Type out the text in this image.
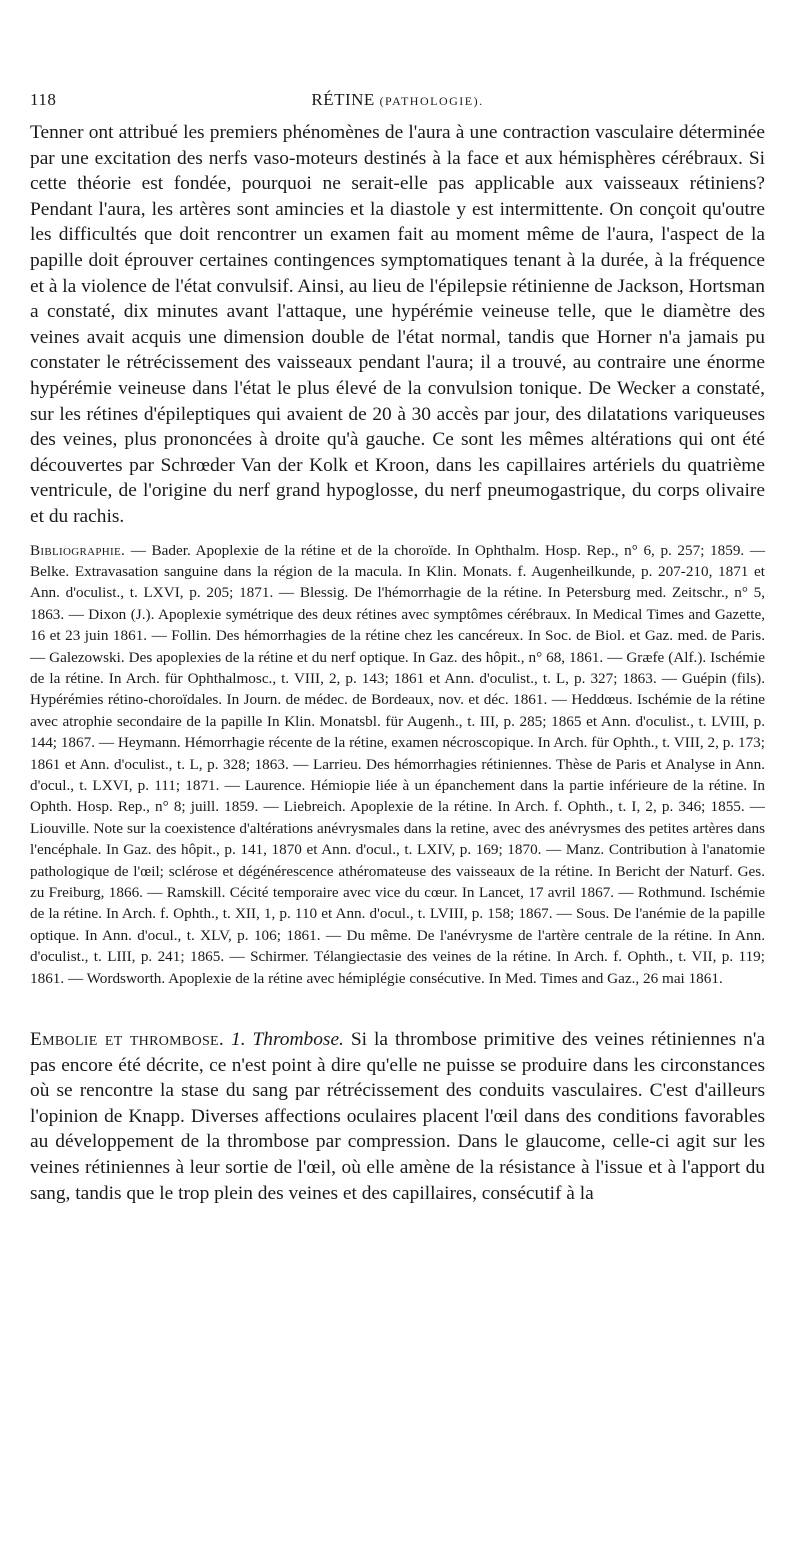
118	RÉTINE (PATHOLOGIE).

Tenner ont attribué les premiers phénomènes de l'aura à une contraction vasculaire déterminée par une excitation des nerfs vaso-moteurs destinés à la face et aux hémisphères cérébraux. Si cette théorie est fondée, pourquoi ne serait-elle pas applicable aux vaisseaux rétiniens? Pendant l'aura, les artères sont amincies et la diastole y est intermittente. On conçoit qu'outre les difficultés que doit rencontrer un examen fait au moment même de l'aura, l'aspect de la papille doit éprouver certaines contingences symptomatiques tenant à la durée, à la fréquence et à la violence de l'état convulsif. Ainsi, au lieu de l'épilepsie rétinienne de Jackson, Hortsman a constaté, dix minutes avant l'attaque, une hypérémie veineuse telle, que le diamètre des veines avait acquis une dimension double de l'état normal, tandis que Horner n'a jamais pu constater le rétrécissement des vaisseaux pendant l'aura; il a trouvé, au contraire une énorme hypérémie veineuse dans l'état le plus élevé de la convulsion tonique. De Wecker a constaté, sur les rétines d'épileptiques qui avaient de 20 à 30 accès par jour, des dilatations variqueuses des veines, plus prononcées à droite qu'à gauche. Ce sont les mêmes altérations qui ont été découvertes par Schrœder Van der Kolk et Kroon, dans les capillaires artériels du quatrième ventricule, de l'origine du nerf grand hypoglosse, du nerf pneumogastrique, du corps olivaire et du rachis.

Bibliographie. — Bader. Apoplexie de la rétine et de la choroïde. In Ophthalm. Hosp. Rep., n° 6, p. 257; 1859. — Belke. Extravasation sanguine dans la région de la macula. In Klin. Monats. f. Augenheilkunde, p. 207-210, 1871 et Ann. d'oculist., t. LXVI, p. 205; 1871. — Blessig. De l'hémorrhagie de la rétine. In Petersburg med. Zeitschr., n° 5, 1863. — Dixon (J.). Apoplexie symétrique des deux rétines avec symptômes cérébraux. In Medical Times and Gazette, 16 et 23 juin 1861. — Follin. Des hémorrhagies de la rétine chez les cancéreux. In Soc. de Biol. et Gaz. med. de Paris. — Galezowski. Des apoplexies de la rétine et du nerf optique. In Gaz. des hôpit., n° 68, 1861. — Græfe (Alf.). Ischémie de la rétine. In Arch. für Ophthalmosc., t. VIII, 2, p. 143; 1861 et Ann. d'oculist., t. L, p. 327; 1863. — Guépin (fils). Hypérémies rétino-choroïdales. In Journ. de médec. de Bordeaux, nov. et déc. 1861. — Heddœus. Ischémie de la rétine avec atrophie secondaire de la papille In Klin. Monatsbl. für Augenh., t. III, p. 285; 1865 et Ann. d'oculist., t. LVIII, p. 144; 1867. — Heymann. Hémorrhagie récente de la rétine, examen nécroscopique. In Arch. für Ophth., t. VIII, 2, p. 173; 1861 et Ann. d'oculist., t. L, p. 328; 1863. — Larrieu. Des hémorrhagies rétiniennes. Thèse de Paris et Analyse in Ann. d'ocul., t. LXVI, p. 111; 1871. — Laurence. Hémiopie liée à un épanchement dans la partie inférieure de la rétine. In Ophth. Hosp. Rep., n° 8; juill. 1859. — Liebreich. Apoplexie de la rétine. In Arch. f. Ophth., t. I, 2, p. 346; 1855. — Liouville. Note sur la coexistence d'altérations anévrysmales dans la retine, avec des anévrysmes des petites artères dans l'encéphale. In Gaz. des hôpit., p. 141, 1870 et Ann. d'ocul., t. LXIV, p. 169; 1870. — Manz. Contribution à l'anatomie pathologique de l'œil; sclérose et dégénérescence athéromateuse des vaisseaux de la rétine. In Bericht der Naturf. Ges. zu Freiburg, 1866. — Ramskill. Cécité temporaire avec vice du cœur. In Lancet, 17 avril 1867. — Rothmund. Ischémie de la rétine. In Arch. f. Ophth., t. XII, 1, p. 110 et Ann. d'ocul., t. LVIII, p. 158; 1867. — Sous. De l'anémie de la papille optique. In Ann. d'ocul., t. XLV, p. 106; 1861. — Du même. De l'anévrysme de l'artère centrale de la rétine. In Ann. d'oculist., t. LIII, p. 241; 1865. — Schirmer. Télangiectasie des veines de la rétine. In Arch. f. Ophth., t. VII, p. 119; 1861. — Wordsworth. Apoplexie de la rétine avec hémiplégie consécutive. In Med. Times and Gaz., 26 mai 1861.

Embolie et thrombose. 1. Thrombose. Si la thrombose primitive des veines rétiniennes n'a pas encore été décrite, ce n'est point à dire qu'elle ne puisse se produire dans les circonstances où se rencontre la stase du sang par rétrécissement des conduits vasculaires. C'est d'ailleurs l'opinion de Knapp. Diverses affections oculaires placent l'œil dans des conditions favorables au développement de la thrombose par compression. Dans le glaucome, celle-ci agit sur les veines rétiniennes à leur sortie de l'œil, où elle amène de la résistance à l'issue et à l'apport du sang, tandis que le trop plein des veines et des capillaires, consécutif à la
